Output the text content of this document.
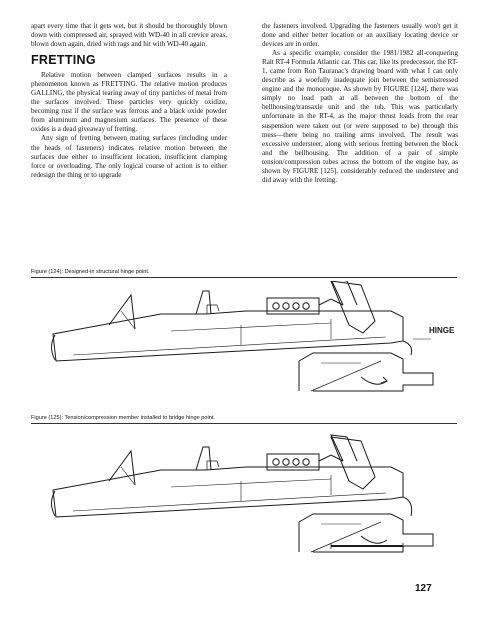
apart every time that it gets wet, but it should be thoroughly blown down with compressed air, sprayed with WD-40 in all crevice areas, blown down again, dried with rags and hit with WD-40 again.

FRETTING

Relative motion between clamped surfaces results in a phenomenon known as FRETTING. The relative motion produces GALLING, the physical tearing away of tiny particles of metal from the surfaces involved. These particles very quickly oxidize, becoming rust if the surface was ferrous and a black oxide powder from aluminum and magnesium surfaces. The presence of these oxides is a dead giveaway of fretting.

Any sign of fretting between mating surfaces (including under the heads of fasteners) indicates relative motion between the surfaces due either to insufficient location, insufficient clamping force or overloading. The only logical course of action is to either redesign the thing or to upgrade

the fasteners involved. Upgrading the fasteners usually won't get it done and either better location or an auxiliary locating device or devices are in order.

As a specific example, consider the 1981/1982 all-conquering Ralt RT-4 Formula Atlantic car. This car, like its predecessor, the RT-1, came from Ron Tauranac's drawing board with what I can only describe as a woefully inadequate join between the semistressed engine and the monocoque. As shown by FIGURE [124], there was simply no load path at all between the bottom of the bellhousing/transaxle unit and the tub. This was particularly unfortunate in the RT-4, as the major thrust loads from the rear suspension were taken out (or were supposed to be) through this mess—there being no trailing arms involved. The result was excessive understeer, along with serious fretting between the block and the bellhousing. The addition of a pair of simple tension/compression tubes across the bottom of the engine bay, as shown by FIGURE [125], considerably reduced the understeer and did away with the fretting.

Figure (124): Designed-in structural hinge point.
HINGE
Figure (125): Tension/compression member installed to bridge hinge point.
127
